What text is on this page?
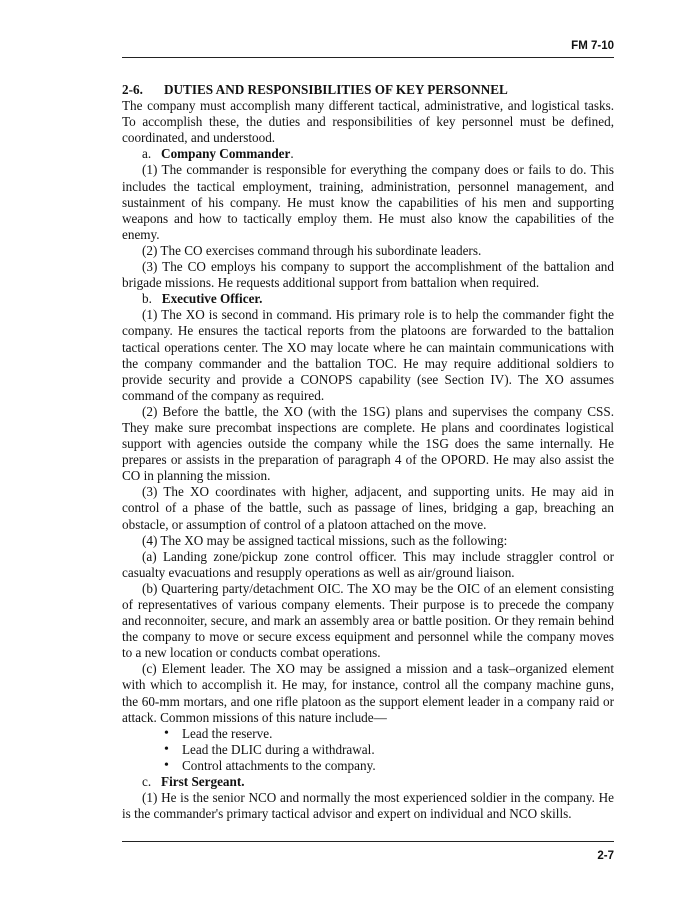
FM 7-10

2-6.	DUTIES AND RESPONSIBILITIES OF KEY PERSONNEL

The company must accomplish many different tactical, administrative, and logistical tasks. To accomplish these, the duties and responsibilities of key personnel must be defined, coordinated, and understood.

a. Company Commander.

(1) The commander is responsible for everything the company does or fails to do. This includes the tactical employment, training, administration, personnel management, and sustainment of his company. He must know the capabilities of his men and supporting weapons and how to tactically employ them. He must also know the capabilities of the enemy.

(2) The CO exercises command through his subordinate leaders.

(3) The CO employs his company to support the accomplishment of the battalion and brigade missions. He requests additional support from battalion when required.

b. Executive Officer.

(1) The XO is second in command. His primary role is to help the commander fight the company. He ensures the tactical reports from the platoons are forwarded to the battalion tactical operations center. The XO may locate where he can maintain communications with the company commander and the battalion TOC. He may require additional soldiers to provide security and provide a CONOPS capability (see Section IV). The XO assumes command of the company as required.

(2) Before the battle, the XO (with the 1SG) plans and supervises the company CSS. They make sure precombat inspections are complete. He plans and coordinates logistical support with agencies outside the company while the 1SG does the same internally. He prepares or assists in the preparation of paragraph 4 of the OPORD. He may also assist the CO in planning the mission.

(3) The XO coordinates with higher, adjacent, and supporting units. He may aid in control of a phase of the battle, such as passage of lines, bridging a gap, breaching an obstacle, or assumption of control of a platoon attached on the move.

(4) The XO may be assigned tactical missions, such as the following:

(a) Landing zone/pickup zone control officer. This may include straggler control or casualty evacuations and resupply operations as well as air/ground liaison.

(b) Quartering party/detachment OIC. The XO may be the OIC of an element consisting of representatives of various company elements. Their purpose is to precede the company and reconnoiter, secure, and mark an assembly area or battle position. Or they remain behind the company to move or secure excess equipment and personnel while the company moves to a new location or conducts combat operations.

(c) Element leader. The XO may be assigned a mission and a task–organized element with which to accomplish it. He may, for instance, control all the company machine guns, the 60-mm mortars, and one rifle platoon as the support element leader in a company raid or attack. Common missions of this nature include—

• Lead the reserve.
• Lead the DLIC during a withdrawal.
• Control attachments to the company.

c. First Sergeant.

(1) He is the senior NCO and normally the most experienced soldier in the company. He is the commander's primary tactical advisor and expert on individual and NCO skills.

2-7
